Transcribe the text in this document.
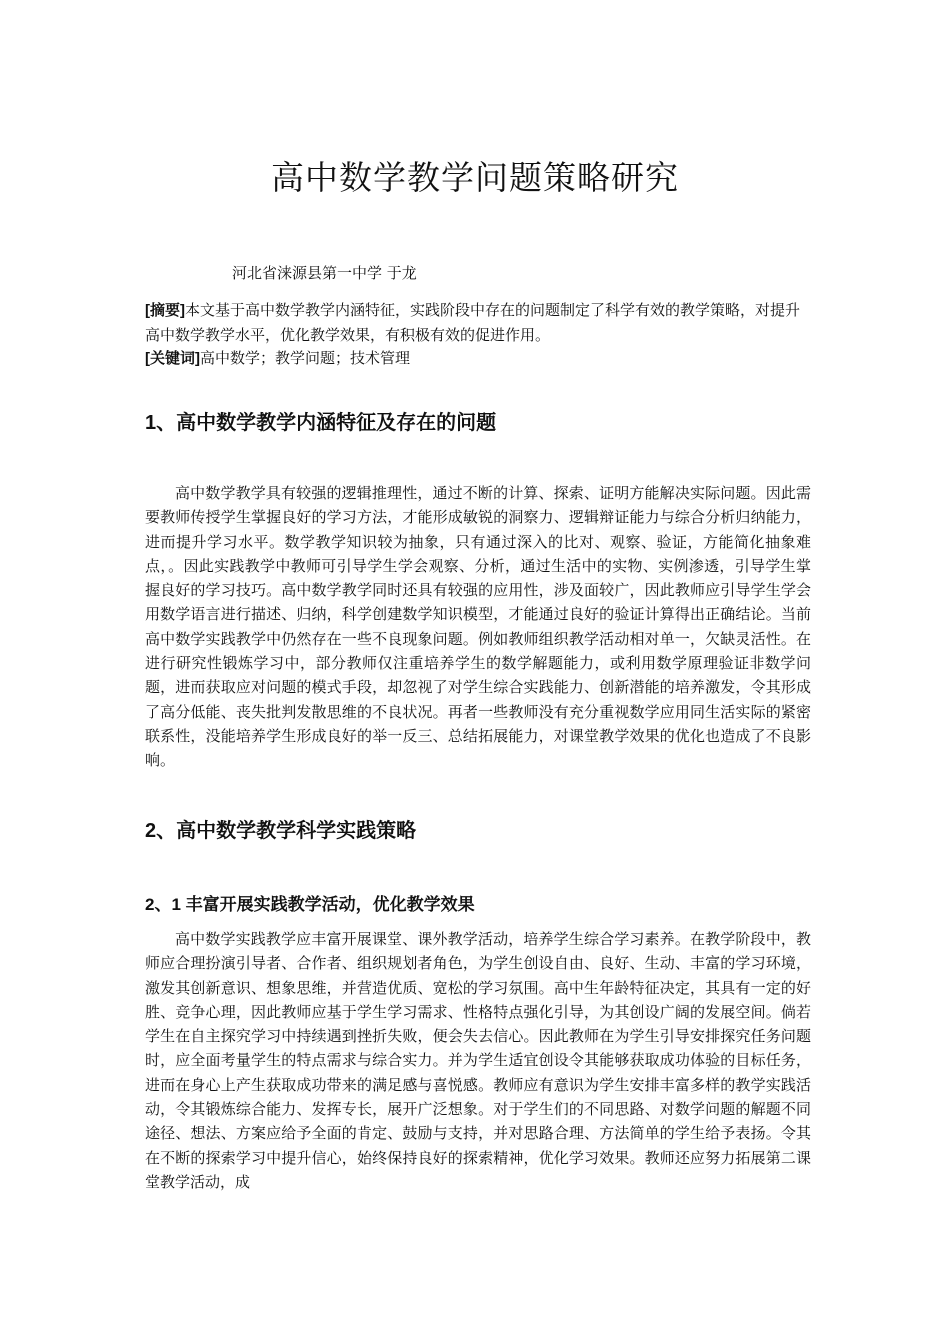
高中数学教学问题策略研究

河北省涞源县第一中学 于龙

[摘要]本文基于高中数学教学内涵特征，实践阶段中存在的问题制定了科学有效的教学策略，对提升高中数学教学水平，优化教学效果，有积极有效的促进作用。

[关键词]高中数学；教学问题；技术管理

1、高中数学教学内涵特征及存在的问题

高中数学教学具有较强的逻辑推理性，通过不断的计算、探索、证明方能解决实际问题。因此需要教师传授学生掌握良好的学习方法，才能形成敏锐的洞察力、逻辑辩证能力与综合分析归纳能力，进而提升学习水平。数学教学知识较为抽象，只有通过深入的比对、观察、验证，方能简化抽象难点，。因此实践教学中教师可引导学生学会观察、分析，通过生活中的实物、实例渗透，引导学生掌握良好的学习技巧。高中数学教学同时还具有较强的应用性，涉及面较广，因此教师应引导学生学会用数学语言进行描述、归纳，科学创建数学知识模型，才能通过良好的验证计算得出正确结论。当前高中数学实践教学中仍然存在一些不良现象问题。例如教师组织教学活动相对单一，欠缺灵活性。在进行研究性锻炼学习中，部分教师仅注重培养学生的数学解题能力，或利用数学原理验证非数学问题，进而获取应对问题的模式手段，却忽视了对学生综合实践能力、创新潜能的培养激发，令其形成了高分低能、丧失批判发散思维的不良状况。再者一些教师没有充分重视数学应用同生活实际的紧密联系性，没能培养学生形成良好的举一反三、总结拓展能力，对课堂教学效果的优化也造成了不良影响。

2、高中数学教学科学实践策略
2、1 丰富开展实践教学活动，优化教学效果

高中数学实践教学应丰富开展课堂、课外教学活动，培养学生综合学习素养。在教学阶段中，教师应合理扮演引导者、合作者、组织规划者角色，为学生创设自由、良好、生动、丰富的学习环境，激发其创新意识、想象思维，并营造优质、宽松的学习氛围。高中生年龄特征决定，其具有一定的好胜、竞争心理，因此教师应基于学生学习需求、性格特点强化引导，为其创设广阔的发展空间。倘若学生在自主探究学习中持续遇到挫折失败，便会失去信心。因此教师在为学生引导安排探究任务问题时，应全面考量学生的特点需求与综合实力。并为学生适宜创设令其能够获取成功体验的目标任务，进而在身心上产生获取成功带来的满足感与喜悦感。教师应有意识为学生安排丰富多样的教学实践活动，令其锻炼综合能力、发挥专长，展开广泛想象。对于学生们的不同思路、对数学问题的解题不同途径、想法、方案应给予全面的肯定、鼓励与支持，并对思路合理、方法简单的学生给予表扬。令其在不断的探索学习中提升信心，始终保持良好的探索精神，优化学习效果。教师还应努力拓展第二课堂教学活动，成
